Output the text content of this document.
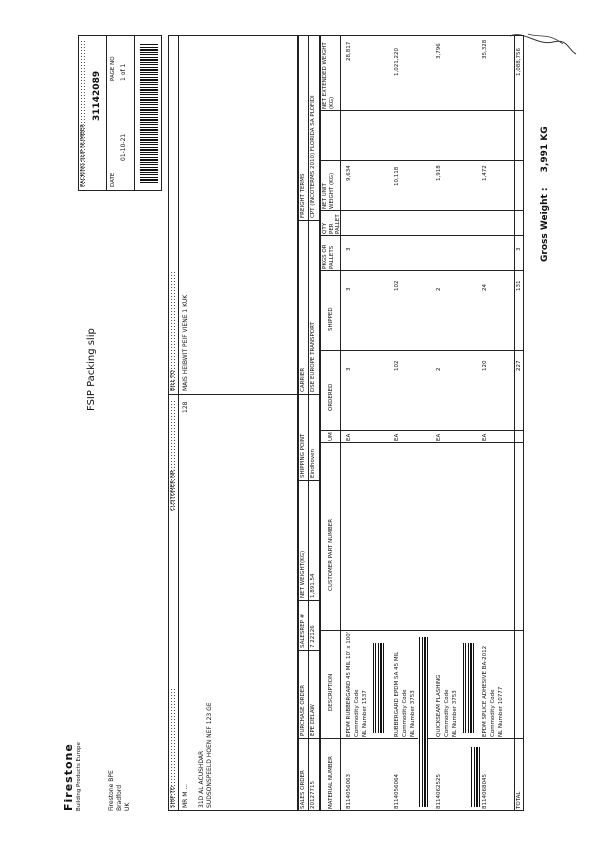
Firestone Building Products Europe	Firestone BPE Bradford UK
FSIP Packing slip
PACKING SLIP NUMBER
31142089
DATE
01-10-21
PAGE NO 1 of 1
SHIP TO
CUSTOMER NR
128
MR M ... 31D AL ACUSHDAR SUDSONSPEELD HOEN NEF 123 GE
BILL TO MAIS HEIBWIT PEIF VIENE 1 KUK
SALES ORDER 20127715
PURCHASE ORDER EPE DELAW
SALESREP # 7 22126
NET WEIGHT(KG) 1,891.54
SHIPPING POINT Eindhoven
CARRIER DSE EUROPE TRANSPORT
FREIGHT TERMS CPT (INCOTERMS 2010) FLORIDA SA PLOFIDI
MATERIAL NUMBER
DESCRIPTION
CUSTOMER PART NUMBER
UM
ORDERED
SHIPPED
PKGS OR PALLETS
QTY PER PALLET
NET UNIT WEIGHT (KG)
NET EXTENDED WEIGHT (KG)
8114056063
EPDM RUBBERGARD 45 MIL 10' x 100' Commodity Code NL Number 1537
EA
3
3
3
9,634
28,817
8114056064
RUBBERGARD EPDM SA 45 MIL Commodity Code NL Number 3753
EA
102
102
10,118
1,021,220
8114062525
QUICKSEAM FLASHING Commodity Code NL Number 3753
EA
2
2
1,918
3,796
8114068045
EPDM SPLICE ADHESIVE BA-2012 Commodity Code NL Number 10777
EA
120
24
1,472
35,328
TOTAL
227
131
3
1,088,756
Gross Weight : 3,991 KG
